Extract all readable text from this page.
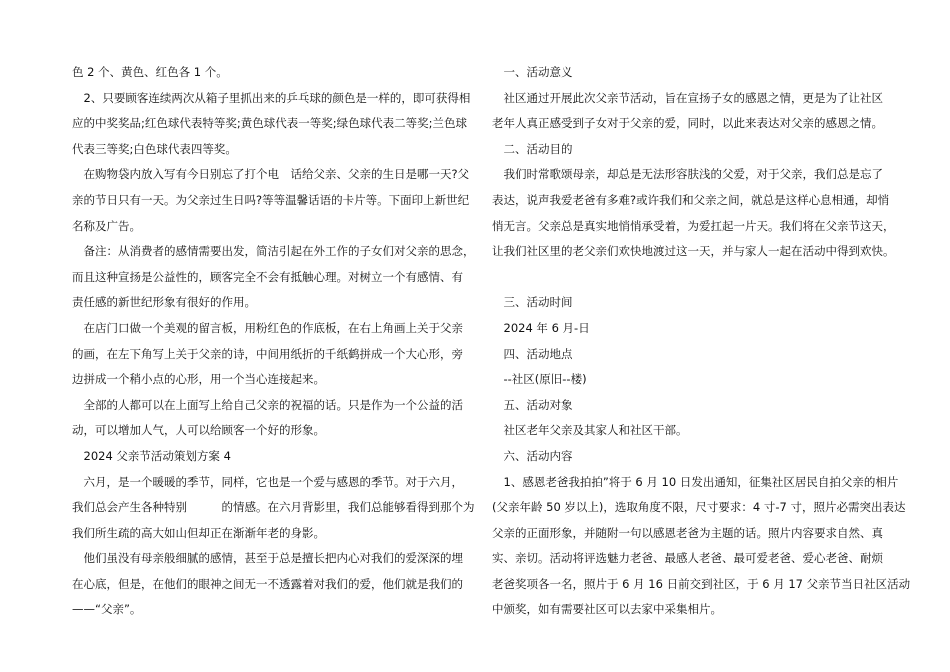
色 2 个、黄色、红色各 1 个。
　2、只要顾客连续两次从箱子里抓出来的乒乓球的颜色是一样的，即可获得相
应的中奖奖品;红色球代表特等奖;黄色球代表一等奖;绿色球代表二等奖;兰色球
代表三等奖;白色球代表四等奖。
　在购物袋内放入写有今日别忘了打个电　话给父亲、父亲的生日是哪一天?父
亲的节日只有一天。为父亲过生日吗?等等温馨话语的卡片等。下面印上新世纪
名称及广告。
　备注：从消费者的感情需要出发，简洁引起在外工作的子女们对父亲的思念，
而且这种宣扬是公益性的，顾客完全不会有抵触心理。对树立一个有感情、有
责任感的新世纪形象有很好的作用。
　在店门口做一个美观的留言板，用粉红色的作底板，在右上角画上关于父亲
的画，在左下角写上关于父亲的诗，中间用纸折的千纸鹤拼成一个大心形，旁
边拼成一个稍小点的心形，用一个当心连接起来。
　全部的人都可以在上面写上给自己父亲的祝福的话。只是作为一个公益的活
动，可以增加人气，人可以给顾客一个好的形象。
　2024 父亲节活动策划方案 4
　六月，是一个暖暖的季节，同样，它也是一个爱与感恩的季节。对于六月，
我们总会产生各种特别　　　的情感。在六月背影里，我们总能够看得到那个为
我们所生疏的高大如山但却正在渐渐年老的身影。
　他们虽没有母亲般细腻的感情，甚至于总是擅长把内心对我们的爱深深的埋
在心底，但是，在他们的眼神之间无一不透露着对我们的爱，他们就是我们的
——“父亲”。
　一、活动意义
　社区通过开展此次父亲节活动，旨在宣扬子女的感恩之情，更是为了让社区
老年人真正感受到子女对于父亲的爱，同时，以此来表达对父亲的感恩之情。
　二、活动目的
　我们时常歌颂母亲，却总是无法形容肤浅的父爱，对于父亲，我们总是忘了
表达，说声我爱老爸有多难?或许我们和父亲之间，就总是这样心息相通，却悄
悄无言。父亲总是真实地悄悄承受着，为爱扛起一片天。我们将在父亲节这天，
让我们社区里的老父亲们欢快地渡过这一天，并与家人一起在活动中得到欢快。
　三、活动时间
　2024 年 6 月-日
　四、活动地点
　--社区(原旧--楼)
　五、活动对象
　社区老年父亲及其家人和社区干部。
　六、活动内容
　1、感恩老爸我拍拍”将于 6 月 10 日发出通知，征集社区居民自拍父亲的相片
(父亲年龄 50 岁以上)，选取角度不限，尺寸要求：4 寸-7 寸，照片必需突出表达
父亲的正面形象，并随附一句以感恩老爸为主题的话。照片内容要求自然、真
实、亲切。活动将评选魅力老爸、最感人老爸、最可爱老爸、爱心老爸、耐烦
老爸奖项各一名，照片于 6 月 16 日前交到社区，于 6 月 17 父亲节当日社区活动
中颁奖，如有需要社区可以去家中采集相片。
